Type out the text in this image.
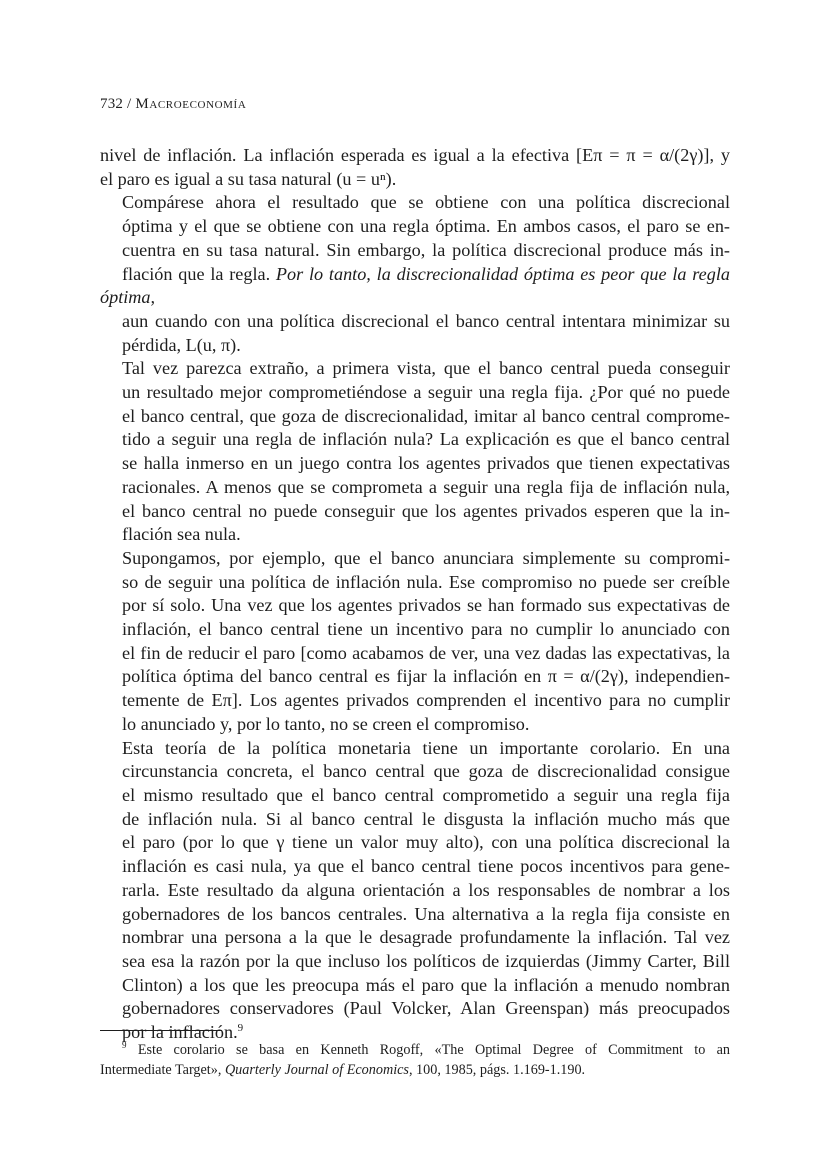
732 / Macroeconomía

nivel de inflación. La inflación esperada es igual a la efectiva [Eπ = π = α/(2γ)], y
el paro es igual a su tasa natural (u = uⁿ).

Compárese ahora el resultado que se obtiene con una política discrecional
óptima y el que se obtiene con una regla óptima. En ambos casos, el paro se en-
cuentra en su tasa natural. Sin embargo, la política discrecional produce más in-
flación que la regla. Por lo tanto, la discrecionalidad óptima es peor que la regla óptima,
aun cuando con una política discrecional el banco central intentara minimizar su
pérdida, L(u, π).

Tal vez parezca extraño, a primera vista, que el banco central pueda conseguir
un resultado mejor comprometiéndose a seguir una regla fija. ¿Por qué no puede
el banco central, que goza de discrecionalidad, imitar al banco central comprome-
tido a seguir una regla de inflación nula? La explicación es que el banco central
se halla inmerso en un juego contra los agentes privados que tienen expectativas
racionales. A menos que se comprometa a seguir una regla fija de inflación nula,
el banco central no puede conseguir que los agentes privados esperen que la in-
flación sea nula.

Supongamos, por ejemplo, que el banco anunciara simplemente su compromi-
so de seguir una política de inflación nula. Ese compromiso no puede ser creíble
por sí solo. Una vez que los agentes privados se han formado sus expectativas de
inflación, el banco central tiene un incentivo para no cumplir lo anunciado con
el fin de reducir el paro [como acabamos de ver, una vez dadas las expectativas, la
política óptima del banco central es fijar la inflación en π = α/(2γ), independien-
temente de Eπ]. Los agentes privados comprenden el incentivo para no cumplir
lo anunciado y, por lo tanto, no se creen el compromiso.

Esta teoría de la política monetaria tiene un importante corolario. En una
circunstancia concreta, el banco central que goza de discrecionalidad consigue
el mismo resultado que el banco central comprometido a seguir una regla fija
de inflación nula. Si al banco central le disgusta la inflación mucho más que
el paro (por lo que γ tiene un valor muy alto), con una política discrecional la
inflación es casi nula, ya que el banco central tiene pocos incentivos para gene-
rarla. Este resultado da alguna orientación a los responsables de nombrar a los
gobernadores de los bancos centrales. Una alternativa a la regla fija consiste en
nombrar una persona a la que le desagrade profundamente la inflación. Tal vez
sea esa la razón por la que incluso los políticos de izquierdas (Jimmy Carter, Bill
Clinton) a los que les preocupa más el paro que la inflación a menudo nombran
gobernadores conservadores (Paul Volcker, Alan Greenspan) más preocupados
por la inflación.$^9$

$^9$ Este corolario se basa en Kenneth Rogoff, «The Optimal Degree of Commitment to an
Intermediate Target», Quarterly Journal of Economics, 100, 1985, págs. 1.169-1.190.
